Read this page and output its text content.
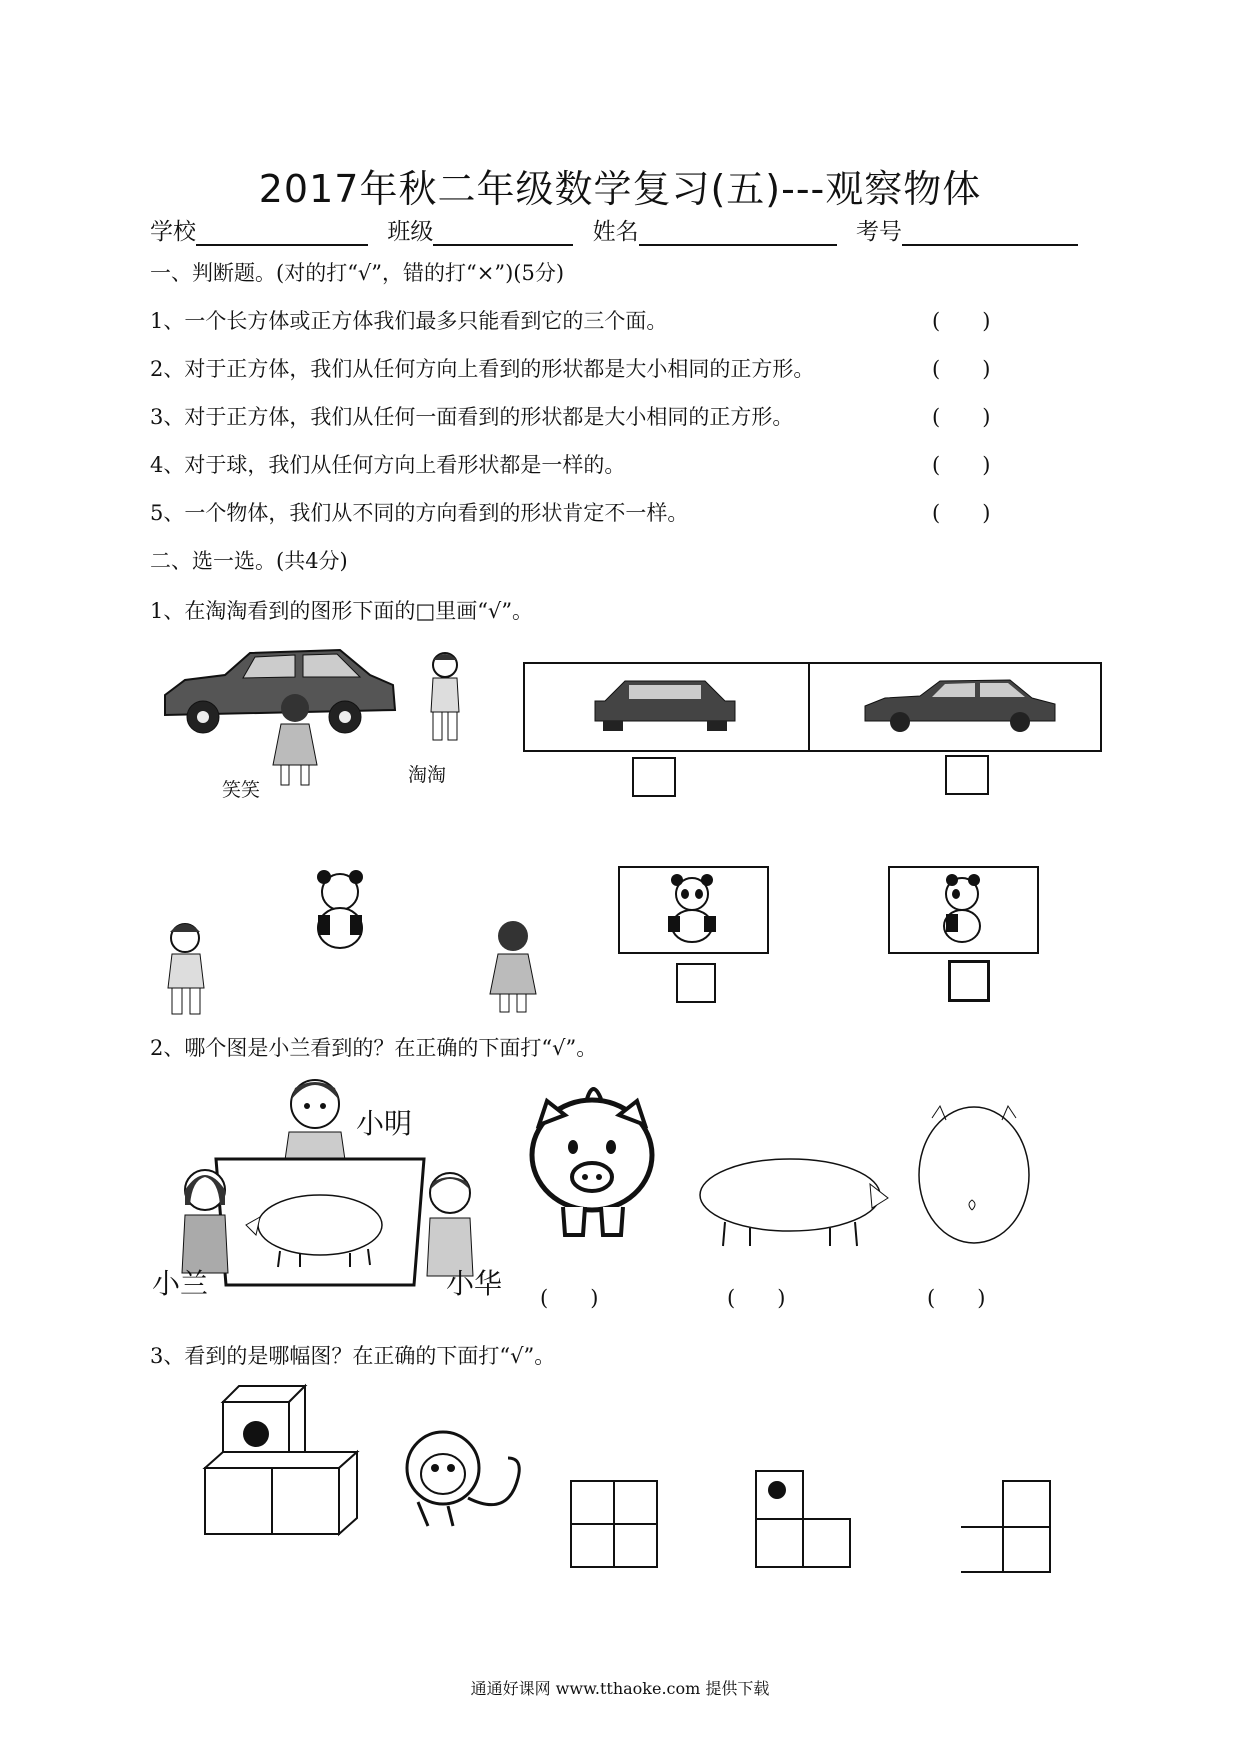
2017年秋二年级数学复习(五)---观察物体
学校	班级	姓名	考号
一、判断题。(对的打“√”，错的打“×”)(5分)
1、一个长方体或正方体我们最多只能看到它的三个面。	(　　)
2、对于正方体，我们从任何方向上看到的形状都是大小相同的正方形。	(　　)
3、对于正方体，我们从任何一面看到的形状都是大小相同的正方形。	(　　)
4、对于球，我们从任何方向上看形状都是一样的。	(　　)
5、一个物体，我们从不同的方向看到的形状肯定不一样。	(　　)
二、选一选。(共4分)
1、在淘淘看到的图形下面的□里画“√”。
笑笑
淘淘
2、哪个图是小兰看到的？在正确的下面打“√”。
小明
小兰	小华 (　　)	(　　)	(　　)
3、看到的是哪幅图？在正确的下面打“√”。
通通好课网 www.tthaoke.com 提供下载
